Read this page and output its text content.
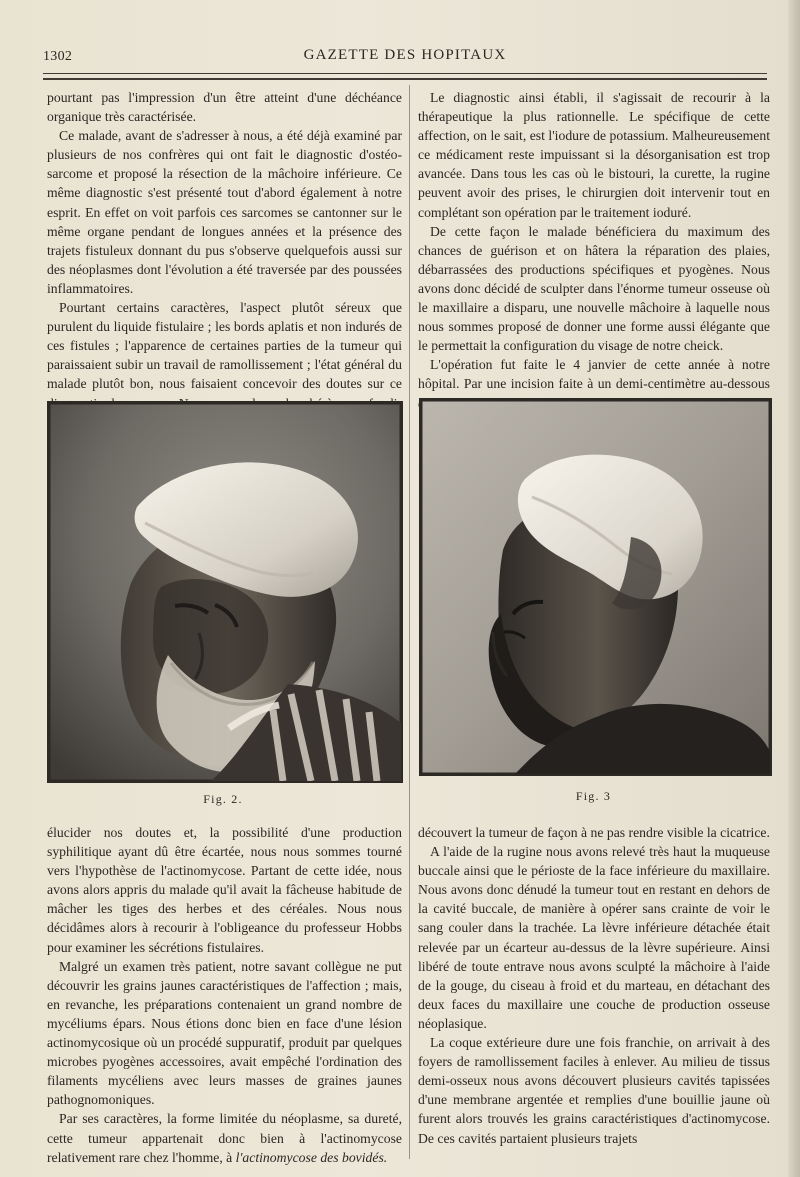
1302	GAZETTE DES HOPITAUX

pourtant pas l'impression d'un être atteint d'une déchéance organique très caractérisée.

Ce malade, avant de s'adresser à nous, a été déjà examiné par plusieurs de nos confrères qui ont fait le diagnostic d'ostéo-sarcome et proposé la résection de la mâchoire inférieure. Ce même diagnostic s'est présenté tout d'abord également à notre esprit. En effet on voit parfois ces sarcomes se cantonner sur le même organe pendant de longues années et la présence des trajets fistuleux donnant du pus s'observe quelquefois aussi sur des néoplasmes dont l'évolution a été traversée par des poussées inflammatoires.

Pourtant certains caractères, l'aspect plutôt séreux que purulent du liquide fistulaire ; les bords aplatis et non indurés de ces fistules ; l'apparence de certaines parties de la tumeur qui paraissaient subir un travail de ramollissement ; l'état général du malade plutôt bon, nous faisaient concevoir des doutes sur ce

Le diagnostic ainsi établi, il s'agissait de recourir à la thérapeutique la plus rationnelle. Le spécifique de cette affection, on le sait, est l'iodure de potassium. Malheureusement ce médicament reste impuissant si la désorganisation est trop avancée. Dans tous les cas où le bistouri, la curette, la rugine peuvent avoir des prises, le chirurgien doit intervenir tout en complétant son opération par le traitement ioduré.

De cette façon le malade bénéficiera du maximum des chances de guérison et on hâtera la réparation des plaies, débarrassées des productions spécifiques et pyogènes. Nous avons donc décidé de sculpter dans l'énorme tumeur osseuse où le maxillaire a disparu, une nouvelle mâchoire à laquelle nous nous sommes proposé de donner une forme aussi élégante que le permettait la configuration du visage de notre cheick.

L'opération fut faite le 4 janvier de cette année à notre hôpital. Par une incision faite à un demi-centimètre au-dessous

Fig. 2.	Fig. 3

élucider nos doutes et, la possibilité d'une production syphilitique ayant dû être écartée, nous nous sommes tourné vers l'hypothèse de l'actinomycose. Partant de cette idée, nous avons alors appris du malade qu'il avait la fâcheuse habitude de mâcher les tiges des herbes et des céréales. Nous nous décidâmes alors à recourir à l'obligeance du professeur Hobbs pour examiner les sécrétions fistulaires.

Malgré un examen très patient, notre savant collègue ne put découvrir les grains jaunes caractéristiques de l'affection ; mais, en revanche, les préparations contenaient un grand nombre de mycéliums épars. Nous étions donc bien en face d'une lésion actinomycosique où un procédé suppuratif, produit par quelques microbes pyogènes accessoires, avait empêché l'ordination des filaments mycéliens avec leurs masses de graines jaunes pathognomoniques.

Par ses caractères, la forme limitée du néoplasme, sa dureté, cette tumeur appartenait donc bien à l'actinomycose relativement rare chez l'homme, à l'actinomycose des bovidés.

découvert la tumeur de façon à ne pas rendre visible la cicatrice.

A l'aide de la rugine nous avons relevé très haut la muqueuse buccale ainsi que le périoste de la face inférieure du maxillaire. Nous avons donc dénudé la tumeur tout en restant en dehors de la cavité buccale, de manière à opérer sans crainte de voir le sang couler dans la trachée. La lèvre inférieure détachée était relevée par un écarteur au-dessus de la lèvre supérieure. Ainsi libéré de toute entrave nous avons sculpté la mâchoire à l'aide de la gouge, du ciseau à froid et du marteau, en détachant des deux faces du maxillaire une couche de production osseuse néoplasique.

La coque extérieure dure une fois franchie, on arrivait à des foyers de ramollissement faciles à enlever. Au milieu de tissus demi-osseux nous avons découvert plusieurs cavités tapissées d'une membrane argentée et remplies d'une bouillie jaune où furent alors trouvés les grains caractéristiques d'actinomycose. De ces cavités partaient plusieurs trajets
